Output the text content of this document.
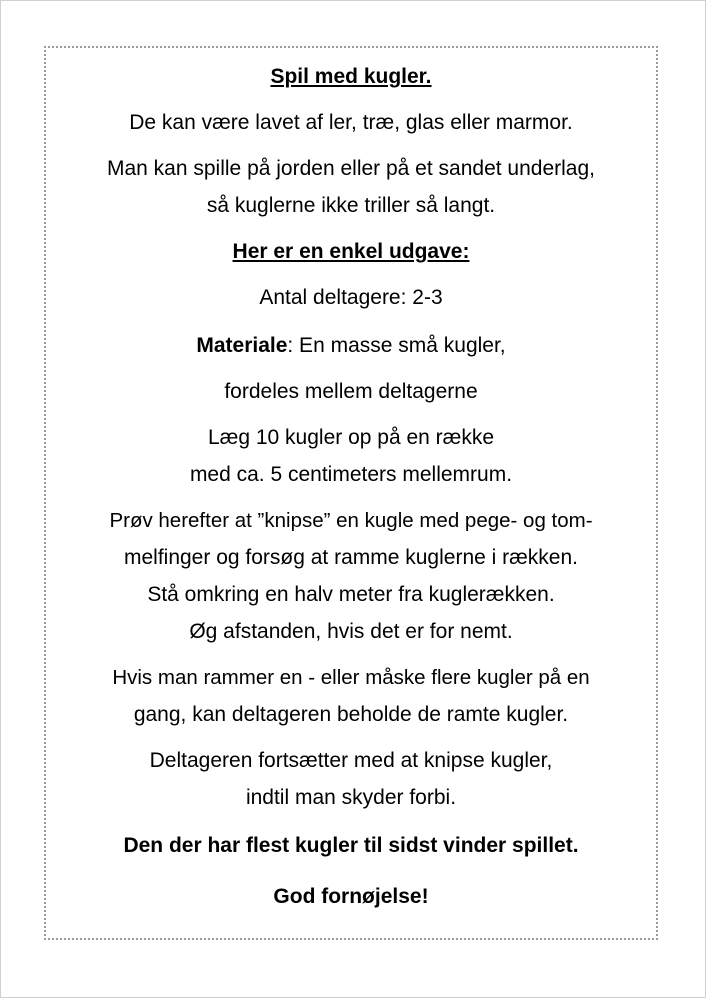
Spil med kugler.

De kan være lavet af ler, træ, glas eller marmor.

Man kan spille på jorden eller på et sandet underlag,

så kuglerne ikke triller så langt.

Her er en enkel udgave:

Antal deltagere: 2-3

Materiale: En masse små kugler,

fordeles mellem deltagerne

Læg 10 kugler op på en række

med ca. 5 centimeters mellemrum.

Prøv herefter at ”knipse” en kugle med pege- og tom-

melfinger og forsøg at ramme kuglerne i rækken.

Stå omkring en halv meter fra kuglerækken.

Øg afstanden, hvis det er for nemt.

Hvis man rammer en - eller måske flere kugler på en

gang, kan deltageren beholde de ramte kugler.

Deltageren fortsætter med at knipse kugler,

indtil man skyder forbi.

Den der har flest kugler til sidst vinder spillet.

God fornøjelse!
